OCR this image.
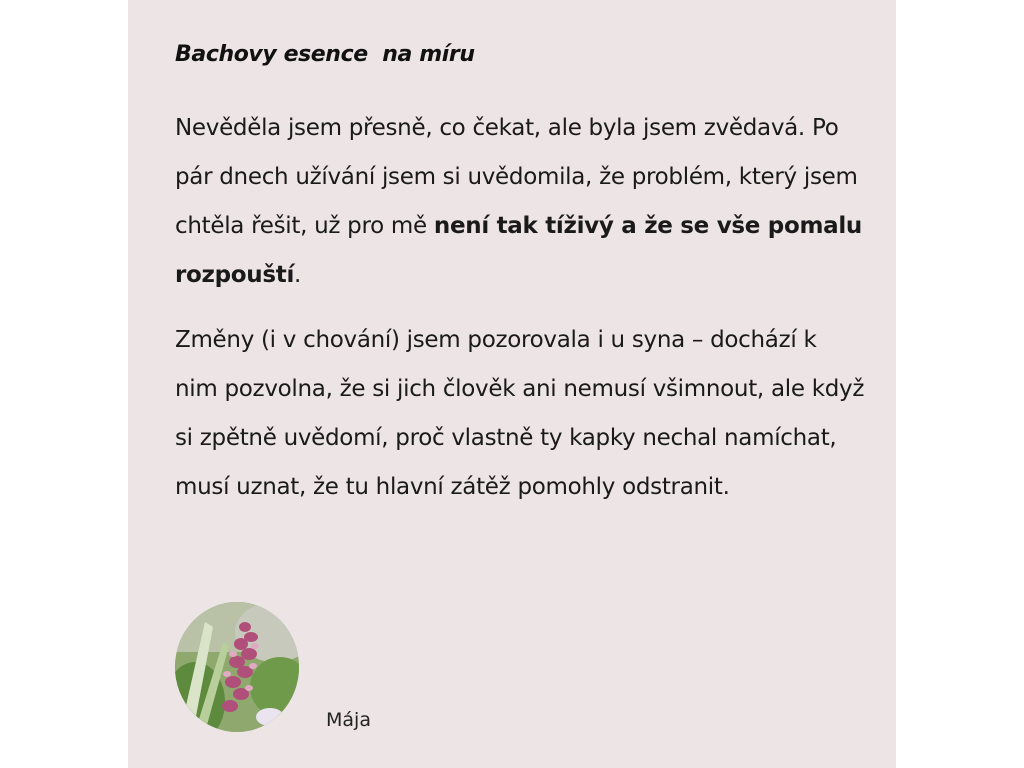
Bachovy esence  na míru

Nevěděla jsem přesně, co čekat, ale byla jsem zvědavá. Po pár dnech užívání jsem si uvědomila, že problém, který jsem chtěla řešit, už pro mě není tak tíživý a že se vše pomalu rozpouští.

Změny (i v chování) jsem pozorovala i u syna – dochází k nim pozvolna, že si jich člověk ani nemusí všimnout, ale když si zpětně uvědomí, proč vlastně ty kapky nechal namíchat, musí uznat, že tu hlavní zátěž pomohly odstranit.

Mája
